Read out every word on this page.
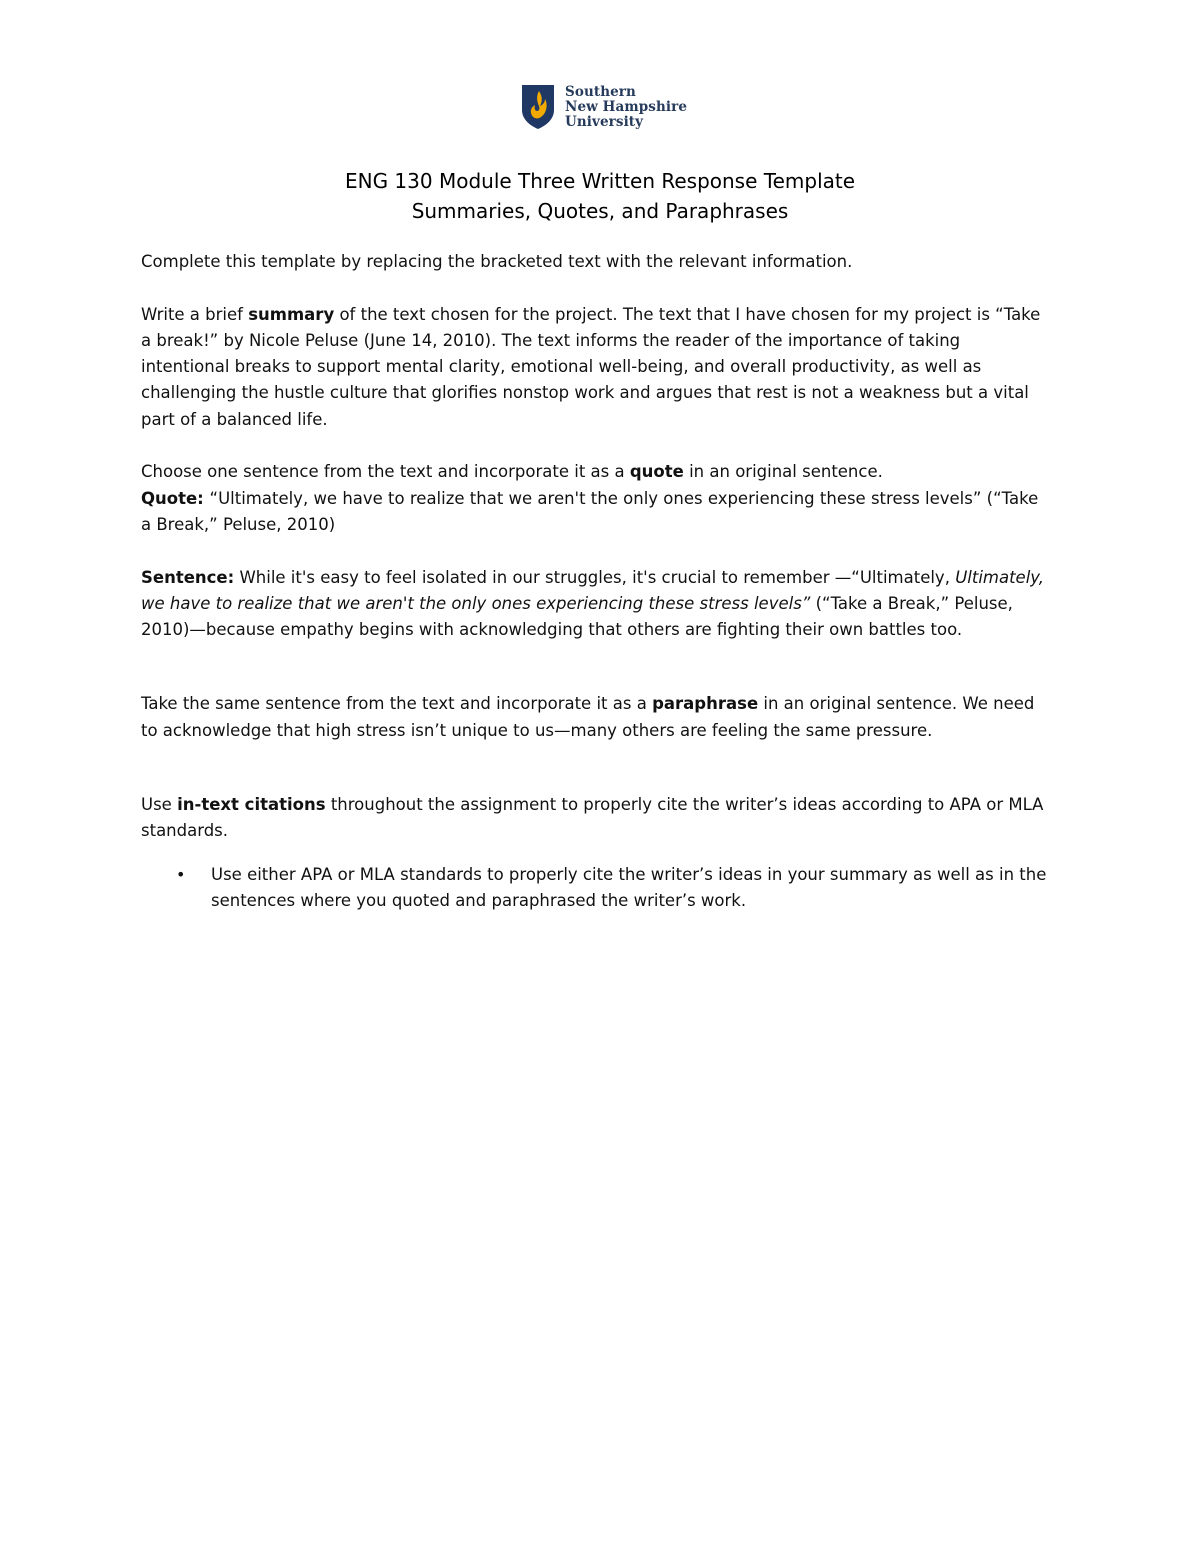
Southern
New Hampshire
University
ENG 130 Module Three Written Response Template
Summaries, Quotes, and Paraphrases

Complete this template by replacing the bracketed text with the relevant information.

Write a brief summary of the text chosen for the project. The text that I have chosen for my project is “Take a break!” by Nicole Peluse (June 14, 2010). The text informs the reader of the importance of taking intentional breaks to support mental clarity, emotional well-being, and overall productivity, as well as challenging the hustle culture that glorifies nonstop work and argues that rest is not a weakness but a vital part of a balanced life.

Choose one sentence from the text and incorporate it as a quote in an original sentence.

Quote: “Ultimately, we have to realize that we aren't the only ones experiencing these stress levels” (“Take a Break,” Peluse, 2010)

Sentence: While it's easy to feel isolated in our struggles, it's crucial to remember —“Ultimately, Ultimately, we have to realize that we aren't the only ones experiencing these stress levels” (“Take a Break,” Peluse, 2010)—because empathy begins with acknowledging that others are fighting their own battles too.

Take the same sentence from the text and incorporate it as a paraphrase in an original sentence. We need to acknowledge that high stress isn’t unique to us—many others are feeling the same pressure.

Use in-text citations throughout the assignment to properly cite the writer’s ideas according to APA or MLA standards.

•	Use either APA or MLA standards to properly cite the writer’s ideas in your summary as well as in the sentences where you quoted and paraphrased the writer’s work.
